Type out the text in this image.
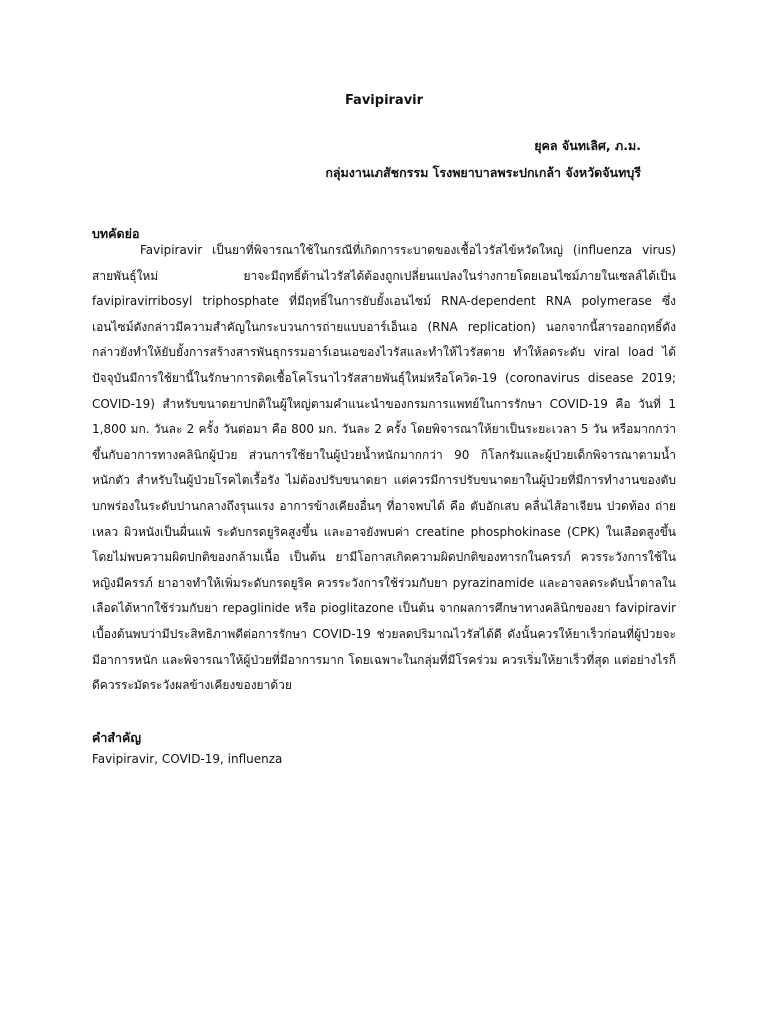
Favipiravir
ยุคล จันทเลิศ, ภ.ม.
กลุ่มงานเภสัชกรรม โรงพยาบาลพระปกเกล้า จังหวัดจันทบุรี
บทคัดย่อ

Favipiravir เป็นยาที่พิจารณาใช้ในกรณีที่เกิดการระบาดของเชื้อไวรัสไข้หวัดใหญ่ (influenza virus) สายพันธุ์ใหม่ ยาจะมีฤทธิ์ต้านไวรัสได้ต้องถูกเปลี่ยนแปลงในร่างกายโดยเอนไซม์ภายในเซลล์ได้เป็น favipiravirribosyl triphosphate ที่มีฤทธิ์ในการยับยั้งเอนไซม์ RNA-dependent RNA polymerase ซึ่งเอนไซม์ดังกล่าวมีความสำคัญในกระบวนการถ่ายแบบอาร์เอ็นเอ (RNA replication) นอกจากนี้สารออกฤทธิ์ดังกล่าวยังทำให้ยับยั้งการสร้างสารพันธุกรรมอาร์เอนเอของไวรัสและทำให้ไวรัสตาย ทำให้ลดระดับ viral load ได้ ปัจจุบันมีการใช้ยานี้ในรักษาการติดเชื้อโคโรนาไวรัสสายพันธุ์ใหม่หรือโควิด-19 (coronavirus disease 2019; COVID-19) สำหรับขนาดยาปกติในผู้ใหญ่ตามคำแนะนำของกรมการแพทย์ในการรักษา COVID-19 คือ วันที่ 1 1,800 มก. วันละ 2 ครั้ง วันต่อมา คือ 800 มก. วันละ 2 ครั้ง โดยพิจารณาให้ยาเป็นระยะเวลา 5 วัน หรือมากกว่าขึ้นกับอาการทางคลินิกผู้ป่วย ส่วนการใช้ยาในผู้ป่วยน้ำหนักมากกว่า 90 กิโลกรัมและผู้ป่วยเด็กพิจารณาตามน้ำหนักตัว สำหรับในผู้ป่วยโรคไตเรื้อรัง ไม่ต้องปรับขนาดยา แต่ควรมีการปรับขนาดยาในผู้ป่วยที่มีการทำงานของตับบกพร่องในระดับปานกลางถึงรุนแรง อาการข้างเคียงอื่นๆ ที่อาจพบได้ คือ ตับอักเสบ คลื่นไส้อาเจียน ปวดท้อง ถ่ายเหลว ผิวหนังเป็นผื่นแพ้ ระดับกรดยูริคสูงขึ้น และอาจยังพบค่า creatine phosphokinase (CPK) ในเลือดสูงขึ้นโดยไม่พบความผิดปกติของกล้ามเนื้อ เป็นต้น ยามีโอกาสเกิดความผิดปกติของทารกในครรภ์ ควรระวังการใช้ในหญิงมีครรภ์ ยาอาจทำให้เพิ่มระดับกรดยูริค ควรระวังการใช้ร่วมกับยา pyrazinamide และอาจลดระดับน้ำตาลในเลือดได้หากใช้ร่วมกับยา repaglinide หรือ pioglitazone เป็นต้น จากผลการศึกษาทางคลินิกของยา favipiravir เบื้องต้นพบว่ามีประสิทธิภาพดีต่อการรักษา COVID-19 ช่วยลดปริมาณไวรัสได้ดี ดังนั้นควรให้ยาเร็วก่อนที่ผู้ป่วยจะมีอาการหนัก และพิจารณาให้ผู้ป่วยที่มีอาการมาก โดยเฉพาะในกลุ่มที่มีโรคร่วม ควรเริ่มให้ยาเร็วที่สุด แต่อย่างไรก็ดีควรระมัดระวังผลข้างเคียงของยาด้วย

คำสำคัญ

Favipiravir, COVID-19, influenza
